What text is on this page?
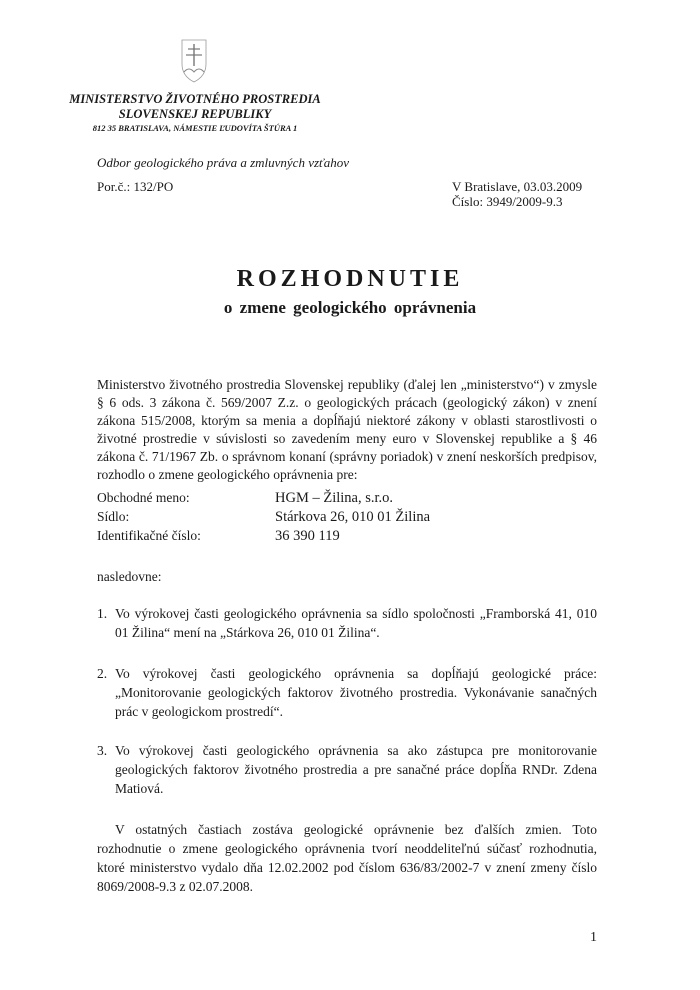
MINISTERSTVO ŽIVOTNÉHO PROSTREDIA
SLOVENSKEJ REPUBLIKY
812 35 BRATISLAVA, NÁMESTIE ĽUDOVÍTA ŠTÚRA 1
Odbor geologického práva a zmluvných vzťahov
Por.č.: 132/PO	V Bratislave, 03.03.2009
Číslo: 3949/2009-9.3
ROZHODNUTIE
o zmene geologického oprávnenia
Ministerstvo životného prostredia Slovenskej republiky (ďalej len „ministerstvo“) v zmysle § 6 ods. 3 zákona č. 569/2007 Z.z. o geologických prácach (geologický zákon) v znení zákona 515/2008, ktorým sa menia a dopĺňajú niektoré zákony v oblasti starostlivosti o životné prostredie v súvislosti so zavedením meny euro v Slovenskej republike a § 46 zákona č. 71/1967 Zb. o správnom konaní (správny poriadok) v znení neskorších predpisov, rozhodlo o zmene geologického oprávnenia pre:
Obchodné meno:	HGM – Žilina, s.r.o.
Sídlo:	Stárkova 26, 010 01 Žilina
Identifikačné číslo:	36 390 119
nasledovne:
1. Vo výrokovej časti geologického oprávnenia sa sídlo spoločnosti „Framborská 41, 010 01 Žilina“ mení na „Stárkova 26, 010 01 Žilina“.
2. Vo výrokovej časti geologického oprávnenia sa dopĺňajú geologické práce: „Monitorovanie geologických faktorov životného prostredia. Vykonávanie sanačných prác v geologickom prostredí“.
3. Vo výrokovej časti geologického oprávnenia sa ako zástupca pre monitorovanie geologických faktorov životného prostredia a pre sanačné práce dopĺňa RNDr. Zdena Matiová.
V ostatných častiach zostáva geologické oprávnenie bez ďalších zmien. Toto rozhodnutie o zmene geologického oprávnenia tvorí neoddeliteľnú súčasť rozhodnutia, ktoré ministerstvo vydalo dňa 12.02.2002 pod číslom 636/83/2002-7 v znení zmeny číslo 8069/2008-9.3 z 02.07.2008.
1
